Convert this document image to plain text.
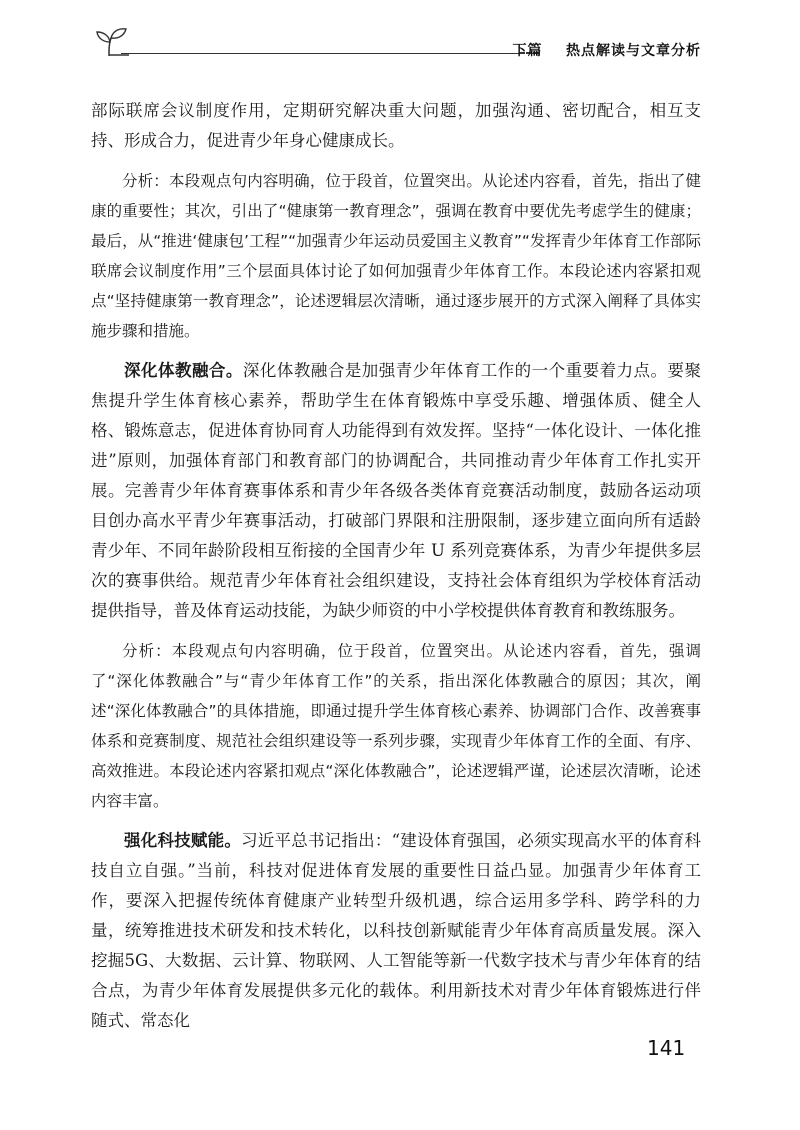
下篇 热点解读与文章分析

部际联席会议制度作用，定期研究解决重大问题，加强沟通、密切配合，相互支持、形成合力，促进青少年身心健康成长。

分析：本段观点句内容明确，位于段首，位置突出。从论述内容看，首先，指出了健康的重要性；其次，引出了“健康第一教育理念”，强调在教育中要优先考虑学生的健康；最后，从“推进‘健康包’工程”“加强青少年运动员爱国主义教育”“发挥青少年体育工作部际联席会议制度作用”三个层面具体讨论了如何加强青少年体育工作。本段论述内容紧扣观点“坚持健康第一教育理念”，论述逻辑层次清晰，通过逐步展开的方式深入阐释了具体实施步骤和措施。

深化体教融合。深化体教融合是加强青少年体育工作的一个重要着力点。要聚焦提升学生体育核心素养，帮助学生在体育锻炼中享受乐趣、增强体质、健全人格、锻炼意志，促进体育协同育人功能得到有效发挥。坚持“一体化设计、一体化推进”原则，加强体育部门和教育部门的协调配合，共同推动青少年体育工作扎实开展。完善青少年体育赛事体系和青少年各级各类体育竞赛活动制度，鼓励各运动项目创办高水平青少年赛事活动，打破部门界限和注册限制，逐步建立面向所有适龄青少年、不同年龄阶段相互衔接的全国青少年 U 系列竞赛体系，为青少年提供多层次的赛事供给。规范青少年体育社会组织建设，支持社会体育组织为学校体育活动提供指导，普及体育运动技能，为缺少师资的中小学校提供体育教育和教练服务。

分析：本段观点句内容明确，位于段首，位置突出。从论述内容看，首先，强调了“深化体教融合”与“青少年体育工作”的关系，指出深化体教融合的原因；其次，阐述“深化体教融合”的具体措施，即通过提升学生体育核心素养、协调部门合作、改善赛事体系和竞赛制度、规范社会组织建设等一系列步骤，实现青少年体育工作的全面、有序、高效推进。本段论述内容紧扣观点“深化体教融合”，论述逻辑严谨，论述层次清晰，论述内容丰富。

强化科技赋能。习近平总书记指出：“建设体育强国，必须实现高水平的体育科技自立自强。”当前，科技对促进体育发展的重要性日益凸显。加强青少年体育工作，要深入把握传统体育健康产业转型升级机遇，综合运用多学科、跨学科的力量，统筹推进技术研发和技术转化，以科技创新赋能青少年体育高质量发展。深入挖掘5G、大数据、云计算、物联网、人工智能等新一代数字技术与青少年体育的结合点，为青少年体育发展提供多元化的载体。利用新技术对青少年体育锻炼进行伴随式、常态化

141
